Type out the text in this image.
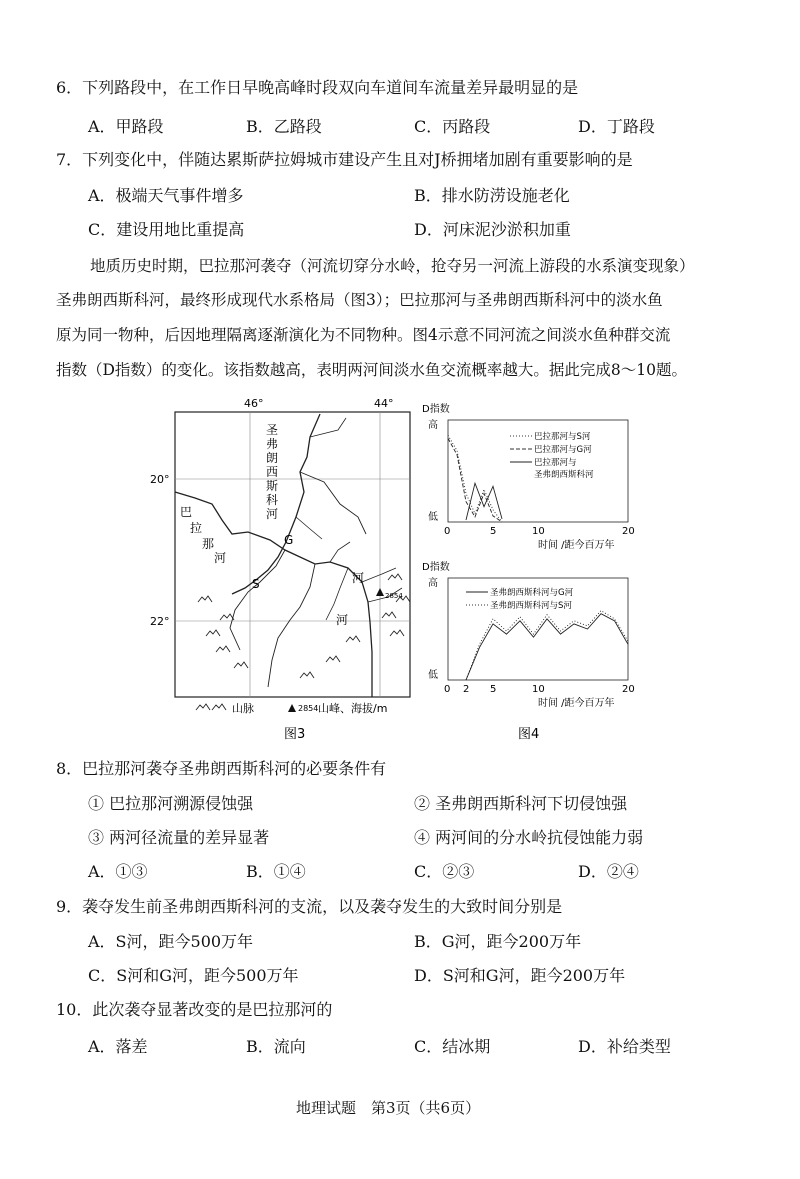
6．下列路段中，在工作日早晚高峰时段双向车道间车流量差异最明显的是
A．甲路段	B．乙路段	C．丙路段	D．丁路段
7．下列变化中，伴随达累斯萨拉姆城市建设产生且对J桥拥堵加剧有重要影响的是
A．极端天气事件增多	B．排水防涝设施老化
C．建设用地比重提高	D．河床泥沙淤积加重
地质历史时期，巴拉那河袭夺（河流切穿分水岭，抢夺另一河流上游段的水系演变现象）
圣弗朗西斯科河，最终形成现代水系格局（图3）；巴拉那河与圣弗朗西斯科河中的淡水鱼
原为同一物种，后因地理隔离逐渐演化为不同物种。图4示意不同河流之间淡水鱼种群交流
指数（D指数）的变化。该指数越高，表明两河间淡水鱼交流概率越大。据此完成8～10题。
46°	44°
20°
22°
圣
弗
朗
西
斯
科
河
巴
拉
那
河
G
S	河
河
2854
山脉	2854 山峰、海拔/m
图3
D指数
高
低
0	5	10	20
时间 /距今百万年
巴拉那河与S河
巴拉那河与G河
巴拉那河与
圣弗朗西斯科河
D指数
高
低
0 2 5	10	20
时间 /距今百万年
圣弗朗西斯科河与G河
圣弗朗西斯科河与S河
图4
8．巴拉那河袭夺圣弗朗西斯科河的必要条件有
① 巴拉那河溯源侵蚀强	② 圣弗朗西斯科河下切侵蚀强
③ 两河径流量的差异显著	④ 两河间的分水岭抗侵蚀能力弱
A．①③	B．①④	C．②③	D．②④
9．袭夺发生前圣弗朗西斯科河的支流，以及袭夺发生的大致时间分别是
A．S河，距今500万年	B．G河，距今200万年
C．S河和G河，距今500万年	D．S河和G河，距今200万年
10．此次袭夺显著改变的是巴拉那河的
A．落差	B．流向	C．结冰期	D．补给类型
地理试题　第3页（共6页）
